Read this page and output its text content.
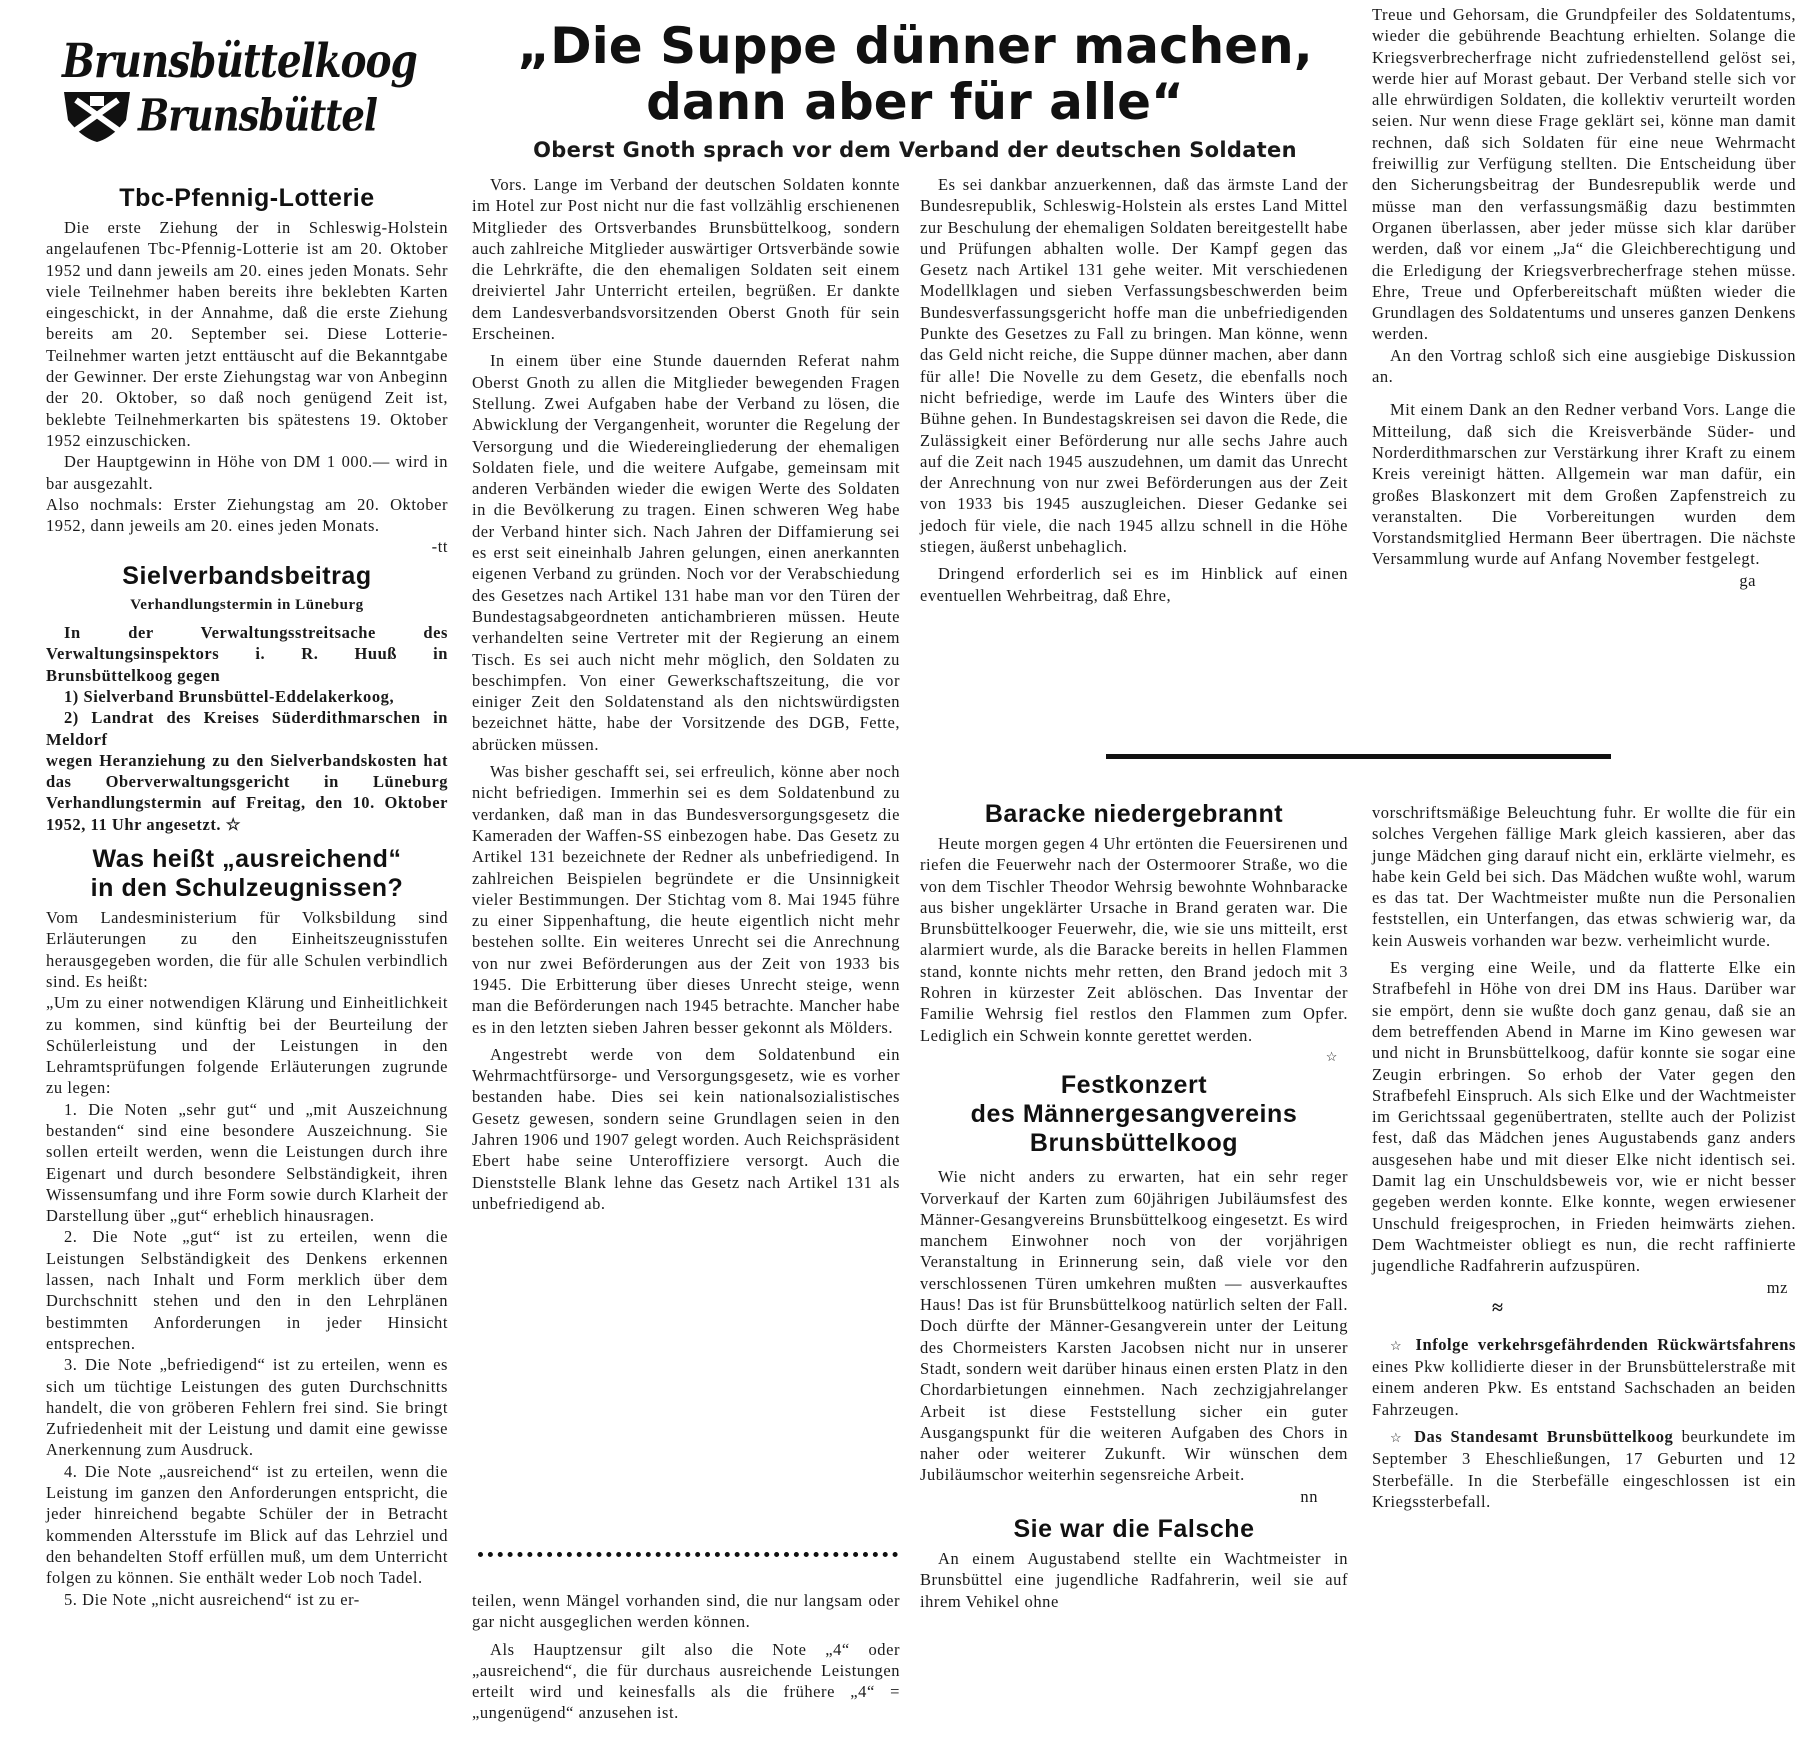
Brunsbüttelkoog
Brunsbüttel
„Die Suppe dünner machen,
dann aber für alle“
Oberst Gnoth sprach vor dem Verband der deutschen Soldaten
Tbc-Pfennig-Lotterie

Die erste Ziehung der in Schleswig-Holstein angelaufenen Tbc-Pfennig-Lotterie ist am 20. Oktober 1952 und dann jeweils am 20. eines jeden Monats. Sehr viele Teilnehmer haben bereits ihre beklebten Karten eingeschickt, in der Annahme, daß die erste Ziehung bereits am 20. September sei. Diese Lotterie-Teilnehmer warten jetzt enttäuscht auf die Bekanntgabe der Gewinner. Der erste Ziehungstag war von Anbeginn der 20. Oktober, so daß noch genügend Zeit ist, beklebte Teilnehmerkarten bis spätestens 19. Oktober 1952 einzuschicken.

Der Hauptgewinn in Höhe von DM 1 000.— wird in bar ausgezahlt.

Also nochmals: Erster Ziehungstag am 20. Oktober 1952, dann jeweils am 20. eines jeden Monats.

-tt
Sielverbandsbeitrag
Verhandlungstermin in Lüneburg

In der Verwaltungsstreitsache des Verwaltungsinspektors i. R. Huuß in Brunsbüttelkoog gegen

1) Sielverband Brunsbüttel-Eddelakerkoog,

2) Landrat des Kreises Süderdithmarschen in Meldorf

wegen Heranziehung zu den Sielverbandskosten hat das Oberverwaltungsgericht in Lüneburg Verhandlungstermin auf Freitag, den 10. Oktober 1952, 11 Uhr angesetzt. ☆

Was heißt „ausreichend“
in den Schulzeugnissen?

Vom Landesministerium für Volksbildung sind Erläuterungen zu den Einheitszeugnisstufen herausgegeben worden, die für alle Schulen verbindlich sind. Es heißt:

„Um zu einer notwendigen Klärung und Einheitlichkeit zu kommen, sind künftig bei der Beurteilung der Schülerleistung und der Leistungen in den Lehramtsprüfungen folgende Erläuterungen zugrunde zu legen:

1. Die Noten „sehr gut“ und „mit Auszeichnung bestanden“ sind eine besondere Auszeichnung. Sie sollen erteilt werden, wenn die Leistungen durch ihre Eigenart und durch besondere Selbständigkeit, ihren Wissensumfang und ihre Form sowie durch Klarheit der Darstellung über „gut“ erheblich hinausragen.

2. Die Note „gut“ ist zu erteilen, wenn die Leistungen Selbständigkeit des Denkens erkennen lassen, nach Inhalt und Form merklich über dem Durchschnitt stehen und den in den Lehrplänen bestimmten Anforderungen in jeder Hinsicht entsprechen.

3. Die Note „befriedigend“ ist zu erteilen, wenn es sich um tüchtige Leistungen des guten Durchschnitts handelt, die von gröberen Fehlern frei sind. Sie bringt Zufriedenheit mit der Leistung und damit eine gewisse Anerkennung zum Ausdruck.

4. Die Note „ausreichend“ ist zu erteilen, wenn die Leistung im ganzen den Anforderungen entspricht, die jeder hinreichend begabte Schüler der in Betracht kommenden Altersstufe im Blick auf das Lehrziel und den behandelten Stoff erfüllen muß, um dem Unterricht folgen zu können. Sie enthält weder Lob noch Tadel.

5. Die Note „nicht ausreichend“ ist zu er-

Vors. Lange im Verband der deutschen Soldaten konnte im Hotel zur Post nicht nur die fast vollzählig erschienenen Mitglieder des Ortsverbandes Brunsbüttelkoog, sondern auch zahlreiche Mitglieder auswärtiger Ortsverbände sowie die Lehrkräfte, die den ehemaligen Soldaten seit einem dreiviertel Jahr Unterricht erteilen, begrüßen. Er dankte dem Landesverbandsvorsitzenden Oberst Gnoth für sein Erscheinen.

In einem über eine Stunde dauernden Referat nahm Oberst Gnoth zu allen die Mitglieder bewegenden Fragen Stellung. Zwei Aufgaben habe der Verband zu lösen, die Abwicklung der Vergangenheit, worunter die Regelung der Versorgung und die Wiedereingliederung der ehemaligen Soldaten fiele, und die weitere Aufgabe, gemeinsam mit anderen Verbänden wieder die ewigen Werte des Soldaten in die Bevölkerung zu tragen. Einen schweren Weg habe der Verband hinter sich. Nach Jahren der Diffamierung sei es erst seit eineinhalb Jahren gelungen, einen anerkannten eigenen Verband zu gründen. Noch vor der Verabschiedung des Gesetzes nach Artikel 131 habe man vor den Türen der Bundestagsabgeordneten antichambrieren müssen. Heute verhandelten seine Vertreter mit der Regierung an einem Tisch. Es sei auch nicht mehr möglich, den Soldaten zu beschimpfen. Von einer Gewerkschaftszeitung, die vor einiger Zeit den Soldatenstand als den nichtswürdigsten bezeichnet hätte, habe der Vorsitzende des DGB, Fette, abrücken müssen.

Was bisher geschafft sei, sei erfreulich, könne aber noch nicht befriedigen. Immerhin sei es dem Soldatenbund zu verdanken, daß man in das Bundesversorgungsgesetz die Kameraden der Waffen-SS einbezogen habe. Das Gesetz zu Artikel 131 bezeichnete der Redner als unbefriedigend. In zahlreichen Beispielen begründete er die Unsinnigkeit vieler Bestimmungen. Der Stichtag vom 8. Mai 1945 führe zu einer Sippenhaftung, die heute eigentlich nicht mehr bestehen sollte. Ein weiteres Unrecht sei die Anrechnung von nur zwei Beförderungen aus der Zeit von 1933 bis 1945. Die Erbitterung über dieses Unrecht steige, wenn man die Beförderungen nach 1945 betrachte. Mancher habe es in den letzten sieben Jahren besser gekonnt als Mölders.

Angestrebt werde von dem Soldatenbund ein Wehrmachtfürsorge- und Versorgungsgesetz, wie es vorher bestanden habe. Dies sei kein nationalsozialistisches Gesetz gewesen, sondern seine Grundlagen seien in den Jahren 1906 und 1907 gelegt worden. Auch Reichspräsident Ebert habe seine Unteroffiziere versorgt. Auch die Dienststelle Blank lehne das Gesetz nach Artikel 131 als unbefriedigend ab.

teilen, wenn Mängel vorhanden sind, die nur langsam oder gar nicht ausgeglichen werden können.

Als Hauptzensur gilt also die Note „4“ oder „ausreichend“, die für durchaus ausreichende Leistungen erteilt wird und keinesfalls als die frühere „4“ = „ungenügend“ anzusehen ist.

Es sei dankbar anzuerkennen, daß das ärmste Land der Bundesrepublik, Schleswig-Holstein als erstes Land Mittel zur Beschulung der ehemaligen Soldaten bereitgestellt habe und Prüfungen abhalten wolle. Der Kampf gegen das Gesetz nach Artikel 131 gehe weiter. Mit verschiedenen Modellklagen und sieben Verfassungsbeschwerden beim Bundesverfassungsgericht hoffe man die unbefriedigenden Punkte des Gesetzes zu Fall zu bringen. Man könne, wenn das Geld nicht reiche, die Suppe dünner machen, aber dann für alle! Die Novelle zu dem Gesetz, die ebenfalls noch nicht befriedige, werde im Laufe des Winters über die Bühne gehen. In Bundestagskreisen sei davon die Rede, die Zulässigkeit einer Beförderung nur alle sechs Jahre auch auf die Zeit nach 1945 auszudehnen, um damit das Unrecht der Anrechnung von nur zwei Beförderungen aus der Zeit von 1933 bis 1945 auszugleichen. Dieser Gedanke sei jedoch für viele, die nach 1945 allzu schnell in die Höhe stiegen, äußerst unbehaglich.

Dringend erforderlich sei es im Hinblick auf einen eventuellen Wehrbeitrag, daß Ehre,

Treue und Gehorsam, die Grundpfeiler des Soldatentums, wieder die gebührende Beachtung erhielten. Solange die Kriegsverbrecherfrage nicht zufriedenstellend gelöst sei, werde hier auf Morast gebaut. Der Verband stelle sich vor alle ehrwürdigen Soldaten, die kollektiv verurteilt worden seien. Nur wenn diese Frage geklärt sei, könne man damit rechnen, daß sich Soldaten für eine neue Wehrmacht freiwillig zur Verfügung stellten. Die Entscheidung über den Sicherungsbeitrag der Bundesrepublik werde und müsse man den verfassungsmäßig dazu bestimmten Organen überlassen, aber jeder müsse sich klar darüber werden, daß vor einem „Ja“ die Gleichberechtigung und die Erledigung der Kriegsverbrecherfrage stehen müsse. Ehre, Treue und Opferbereitschaft müßten wieder die Grundlagen des Soldatentums und unseres ganzen Denkens werden.

An den Vortrag schloß sich eine ausgiebige Diskussion an.

Mit einem Dank an den Redner verband Vors. Lange die Mitteilung, daß sich die Kreisverbände Süder- und Norderdithmarschen zur Verstärkung ihrer Kraft zu einem Kreis vereinigt hätten. Allgemein war man dafür, ein großes Blaskonzert mit dem Großen Zapfenstreich zu veranstalten. Die Vorbereitungen wurden dem Vorstandsmitglied Hermann Beer übertragen. Die nächste Versammlung wurde auf Anfang November festgelegt.

ga
Baracke niedergebrannt

Heute morgen gegen 4 Uhr ertönten die Feuersirenen und riefen die Feuerwehr nach der Ostermoorer Straße, wo die von dem Tischler Theodor Wehrsig bewohnte Wohnbaracke aus bisher ungeklärter Ursache in Brand geraten war. Die Brunsbüttelkooger Feuerwehr, die, wie sie uns mitteilt, erst alarmiert wurde, als die Baracke bereits in hellen Flammen stand, konnte nichts mehr retten, den Brand jedoch mit 3 Rohren in kürzester Zeit ablöschen. Das Inventar der Familie Wehrsig fiel restlos den Flammen zum Opfer. Lediglich ein Schwein konnte gerettet werden.

☆
Festkonzert
des Männergesangvereins
Brunsbüttelkoog

Wie nicht anders zu erwarten, hat ein sehr reger Vorverkauf der Karten zum 60jährigen Jubiläumsfest des Männer-Gesangvereins Brunsbüttelkoog eingesetzt. Es wird manchem Einwohner noch von der vorjährigen Veranstaltung in Erinnerung sein, daß viele vor den verschlossenen Türen umkehren mußten — ausverkauftes Haus! Das ist für Brunsbüttelkoog natürlich selten der Fall. Doch dürfte der Männer-Gesangverein unter der Leitung des Chormeisters Karsten Jacobsen nicht nur in unserer Stadt, sondern weit darüber hinaus einen ersten Platz in den Chordarbietungen einnehmen. Nach zechzigjahrelanger Arbeit ist diese Feststellung sicher ein guter Ausgangspunkt für die weiteren Aufgaben des Chors in naher oder weiterer Zukunft. Wir wünschen dem Jubiläumschor weiterhin segensreiche Arbeit.

nn
Sie war die Falsche

An einem Augustabend stellte ein Wachtmeister in Brunsbüttel eine jugendliche Radfahrerin, weil sie auf ihrem Vehikel ohne

vorschriftsmäßige Beleuchtung fuhr. Er wollte die für ein solches Vergehen fällige Mark gleich kassieren, aber das junge Mädchen ging darauf nicht ein, erklärte vielmehr, es habe kein Geld bei sich. Das Mädchen wußte wohl, warum es das tat. Der Wachtmeister mußte nun die Personalien feststellen, ein Unterfangen, das etwas schwierig war, da kein Ausweis vorhanden war bezw. verheimlicht wurde.

Es verging eine Weile, und da flatterte Elke ein Strafbefehl in Höhe von drei DM ins Haus. Darüber war sie empört, denn sie wußte doch ganz genau, daß sie an dem betreffenden Abend in Marne im Kino gewesen war und nicht in Brunsbüttelkoog, dafür konnte sie sogar eine Zeugin erbringen. So erhob der Vater gegen den Strafbefehl Einspruch. Als sich Elke und der Wachtmeister im Gerichtssaal gegenübertraten, stellte auch der Polizist fest, daß das Mädchen jenes Augustabends ganz anders ausgesehen habe und mit dieser Elke nicht identisch sei. Damit lag ein Unschuldsbeweis vor, wie er nicht besser gegeben werden konnte. Elke konnte, wegen erwiesener Unschuld freigesprochen, in Frieden heimwärts ziehen. Dem Wachtmeister obliegt es nun, die recht raffinierte jugendliche Radfahrerin aufzuspüren.

mz
≈

☆ Infolge verkehrsgefährdenden Rückwärtsfahrens eines Pkw kollidierte dieser in der Brunsbüttelerstraße mit einem anderen Pkw. Es entstand Sachschaden an beiden Fahrzeugen.

☆ Das Standesamt Brunsbüttelkoog beurkundete im September 3 Eheschließungen, 17 Geburten und 12 Sterbefälle. In die Sterbefälle eingeschlossen ist ein Kriegssterbefall.
